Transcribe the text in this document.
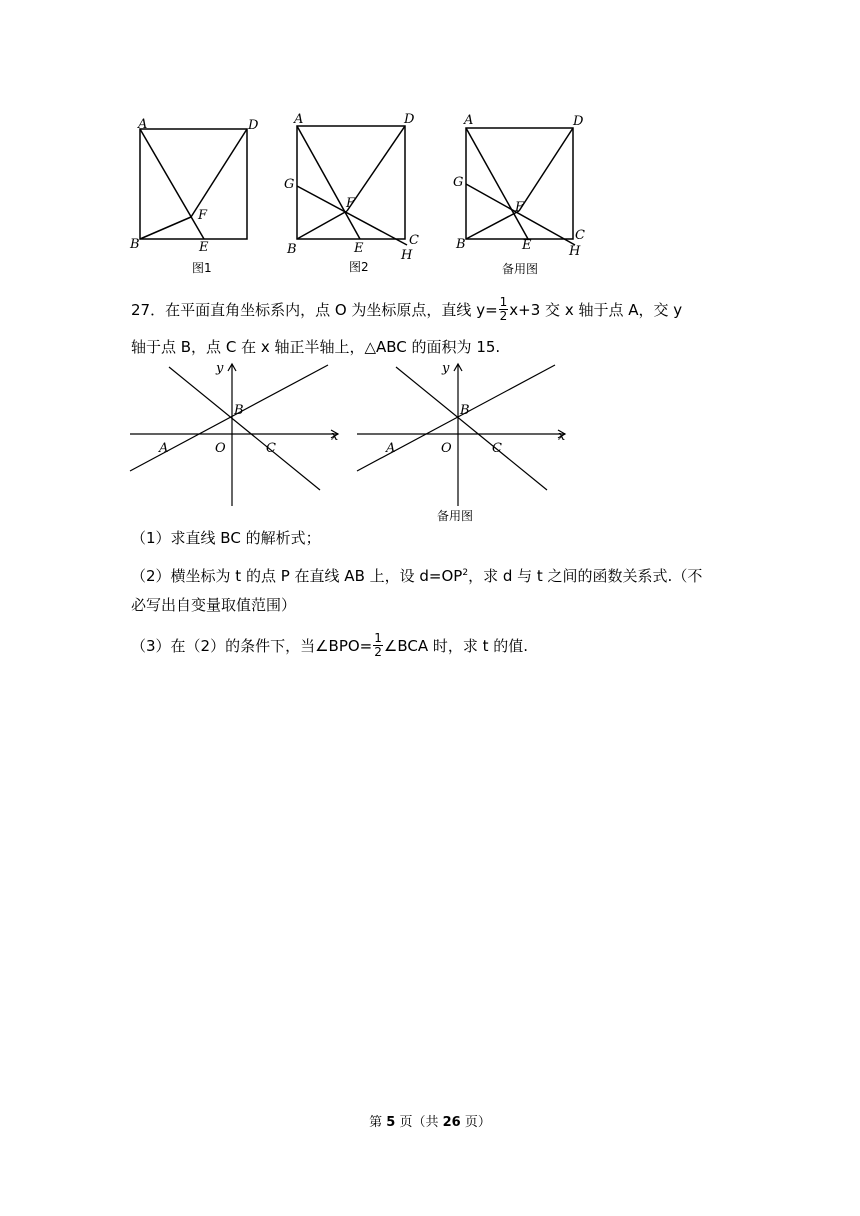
A	D
F
B	E
图1
A	D
G
F
B	E
C
H
图2
A	D
G
F
B	E
C
H
备用图
27．在平面直角坐标系内，点 O 为坐标原点，直线 $y= \frac{1}{2} x+3$ 交 x 轴于点 A，交 y
轴于点 B，点 C 在 x 轴正半轴上，△ABC 的面积为 15.
y
B
A	O	C
x
y
B
A	O	C
x
备用图
（1）求直线 BC 的解析式；
（2）横坐标为 t 的点 P 在直线 AB 上，设 $d=OP^2$，求 d 与 t 之间的函数关系式.（不
必写出自变量取值范围）
（3）在（2）的条件下，当∠BPO= $\frac{1}{2}$ ∠BCA 时，求 t 的值.
第 5 页（共 26 页）
